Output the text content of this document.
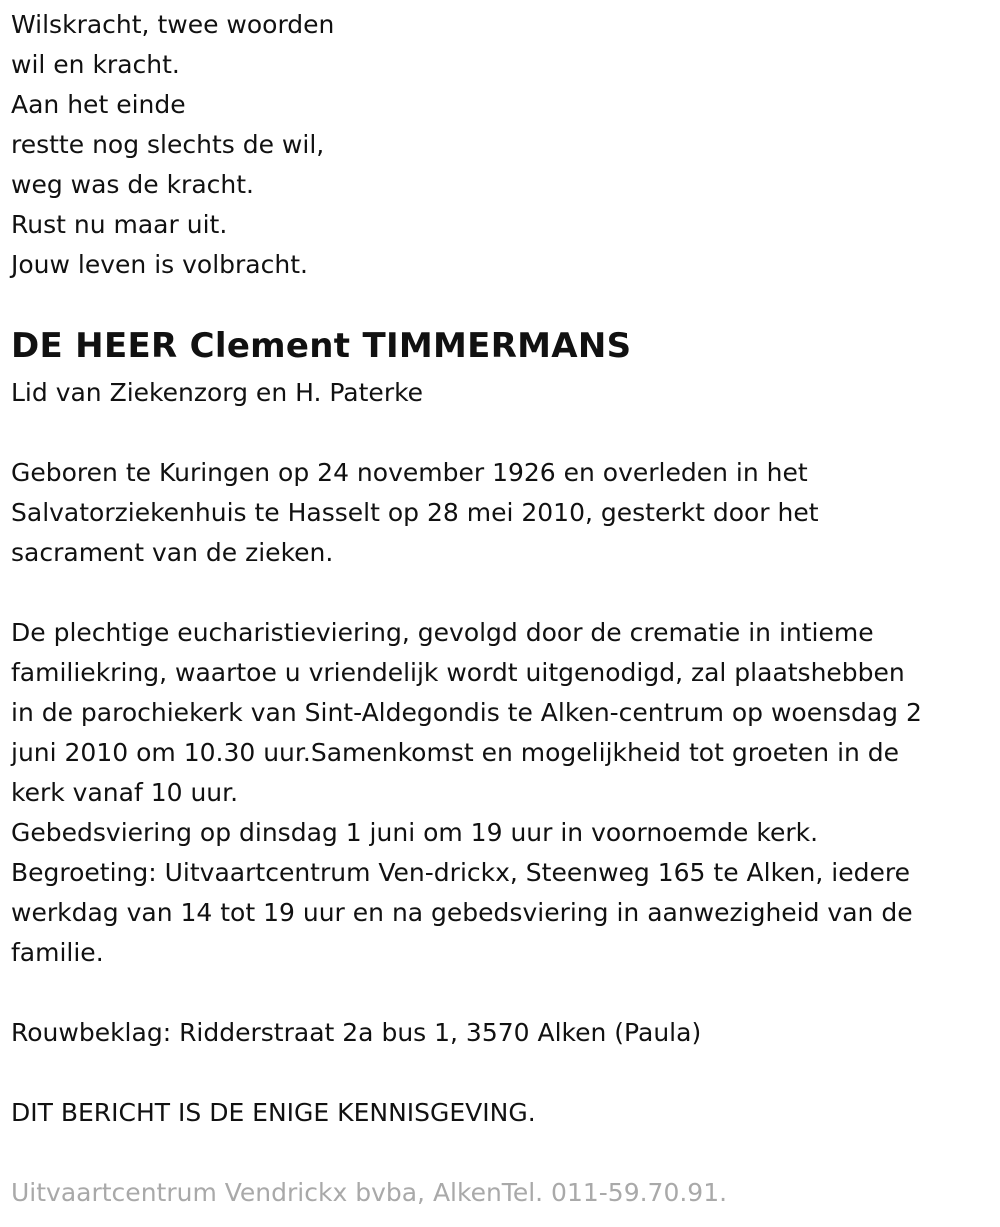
Wilskracht, twee woorden
wil en kracht.
Aan het einde
restte nog slechts de wil,
weg was de kracht.
Rust nu maar uit.
Jouw leven is volbracht.
DE HEER Clement TIMMERMANS
Lid van Ziekenzorg en H. Paterke
Geboren te Kuringen op 24 november 1926 en overleden in het
Salvatorziekenhuis te Hasselt op 28 mei 2010, gesterkt door het
sacrament van de zieken.
De plechtige eucharistieviering, gevolgd door de crematie in intieme
familiekring, waartoe u vriendelijk wordt uitgenodigd, zal plaatshebben
in de parochiekerk van Sint-Aldegondis te Alken-centrum op woensdag 2
juni 2010 om 10.30 uur.Samenkomst en mogelijkheid tot groeten in de
kerk vanaf 10 uur.
Gebedsviering op dinsdag 1 juni om 19 uur in voornoemde kerk.
Begroeting: Uitvaartcentrum Ven-drickx, Steenweg 165 te Alken, iedere
werkdag van 14 tot 19 uur en na gebedsviering in aanwezigheid van de
familie.
Rouwbeklag: Ridderstraat 2a bus 1, 3570 Alken (Paula)
DIT BERICHT IS DE ENIGE KENNISGEVING.
Uitvaartcentrum Vendrickx bvba, AlkenTel. 011-59.70.91.
